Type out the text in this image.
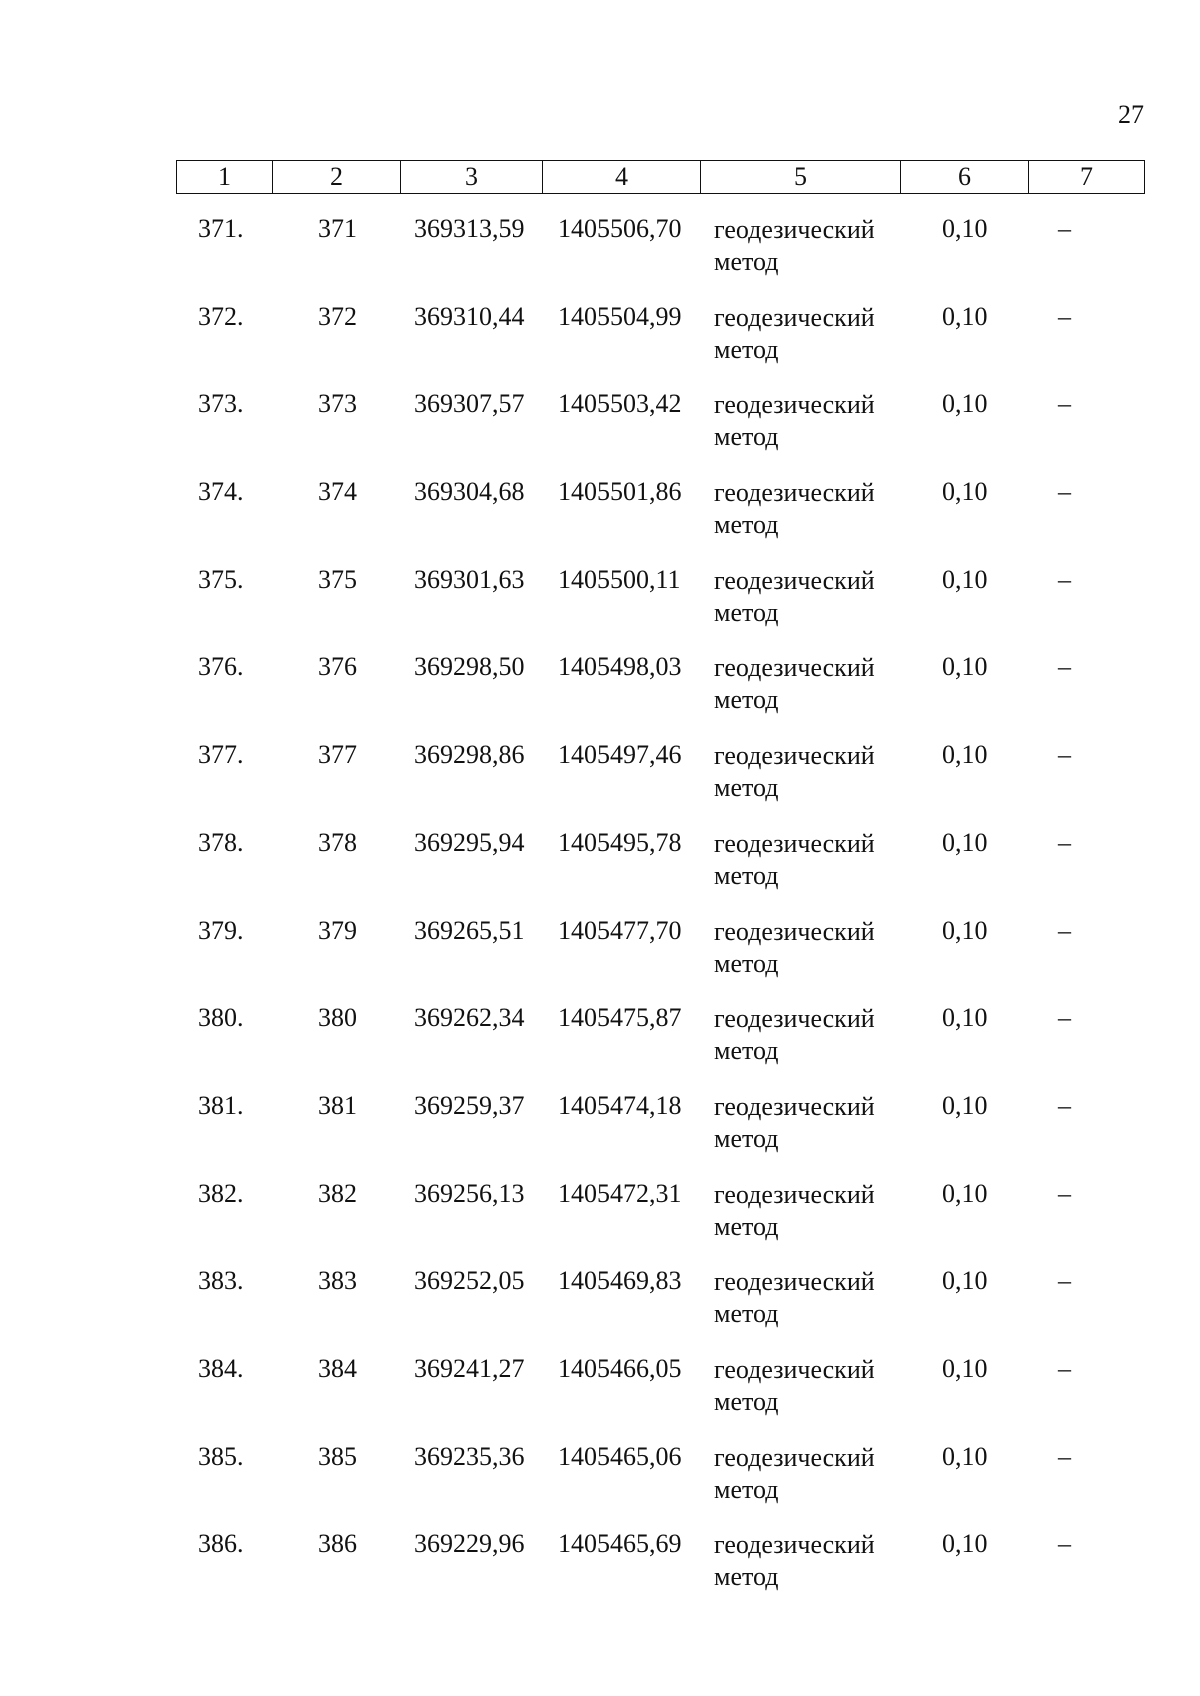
27
1	2	3	4	5	6	7
371.	371 369313,59 1405506,70 геодезический
метод
0,10	–
372.	372 369310,44 1405504,99 геодезический
метод
0,10	–
373.	373 369307,57 1405503,42 геодезический
метод
0,10	–
374.	374 369304,68 1405501,86 геодезический
метод
0,10	–
375.	375 369301,63 1405500,11 геодезический
метод
0,10	–
376.	376 369298,50 1405498,03 геодезический
метод
0,10	–
377.	377 369298,86 1405497,46 геодезический
метод
0,10	–
378.	378 369295,94 1405495,78 геодезический
метод
0,10	–
379.	379 369265,51 1405477,70 геодезический
метод
0,10	–
380.	380 369262,34 1405475,87 геодезический
метод
0,10	–
381.	381 369259,37 1405474,18 геодезический
метод
0,10	–
382.	382 369256,13 1405472,31 геодезический
метод
0,10	–
383.	383 369252,05 1405469,83 геодезический
метод
0,10	–
384.	384 369241,27 1405466,05 геодезический
метод
0,10	–
385.	385 369235,36 1405465,06 геодезический
метод
0,10	–
386.	386 369229,96 1405465,69 геодезический
метод
0,10	–
